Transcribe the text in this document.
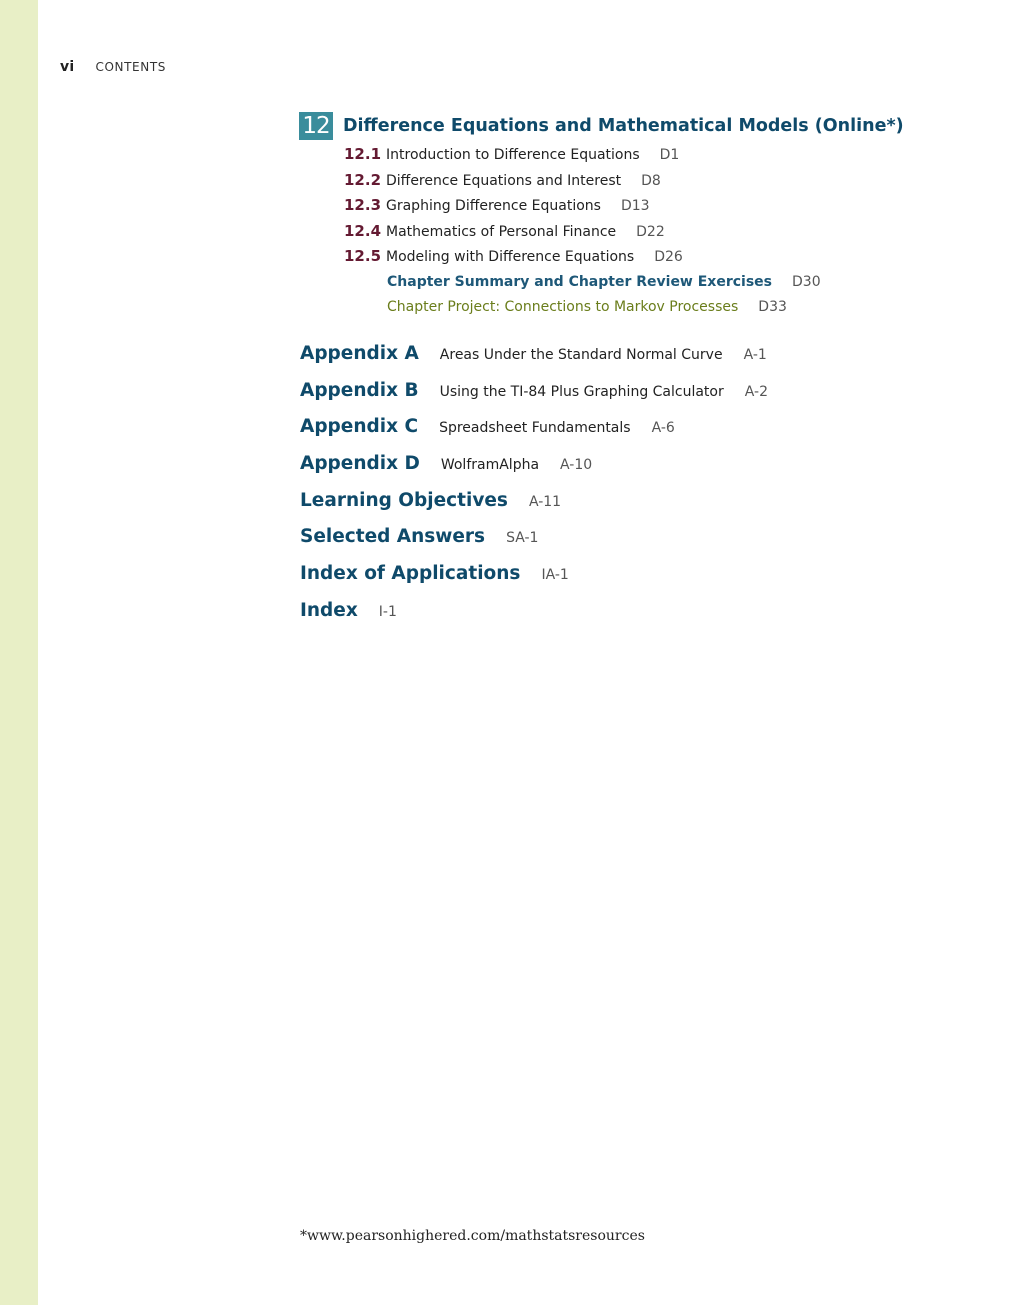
vi CONTENTS
12 Difference Equations and Mathematical Models (Online*)
12.1 Introduction to Difference Equations D1
12.2 Difference Equations and Interest D8
12.3 Graphing Difference Equations D13
12.4 Mathematics of Personal Finance D22
12.5 Modeling with Difference Equations D26
Chapter Summary and Chapter Review Exercises D30
Chapter Project: Connections to Markov Processes D33
Appendix A Areas Under the Standard Normal Curve A-1
Appendix B Using the TI-84 Plus Graphing Calculator A-2
Appendix C Spreadsheet Fundamentals A-6
Appendix D WolframAlpha A-10
Learning Objectives A-11
Selected Answers SA-1
Index of Applications IA-1
Index I-1
*www.pearsonhighered.com/mathstatsresources
